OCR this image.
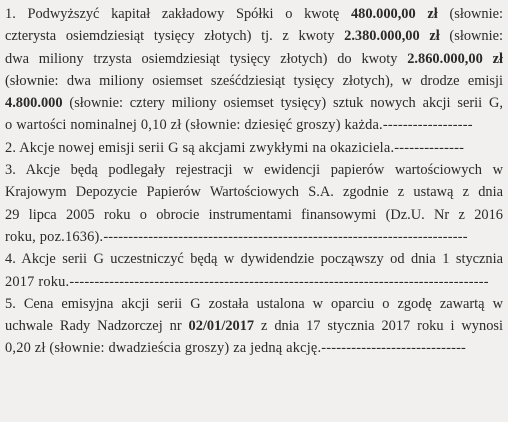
1. Podwyższyć kapitał zakładowy Spółki o kwotę 480.000,00 zł (słownie:
czterysta osiemdziesiąt tysięcy złotych) tj. z kwoty 2.380.000,00 zł (słownie:
dwa miliony trzysta osiemdziesiąt tysięcy złotych) do kwoty 2.860.000,00 zł
(słownie: dwa miliony osiemset sześćdziesiąt tysięcy złotych), w drodze emisji
4.800.000 (słownie: cztery miliony osiemset tysięcy) sztuk nowych akcji serii G,
o wartości nominalnej 0,10 zł (słownie: dziesięć groszy) każda.------------------
2. Akcje nowej emisji serii G są akcjami zwykłymi na okaziciela.--------------
3. Akcje będą podlegały rejestracji w ewidencji papierów wartościowych w
Krajowym Depozycie Papierów Wartościowych S.A. zgodnie z ustawą z dnia
29 lipca 2005 roku o obrocie instrumentami finansowymi (Dz.U. Nr z 2016
roku, poz.1636).-------------------------------------------------------------------------
4. Akcje serii G uczestniczyć będą w dywidendzie począwszy od dnia 1 stycznia
2017 roku.------------------------------------------------------------------------------------
5. Cena emisyjna akcji serii G została ustalona w oparciu o zgodę zawartą w
uchwale Rady Nadzorczej nr 02/01/2017 z dnia 17 stycznia 2017 roku i wynosi
0,20 zł (słownie: dwadzieścia groszy) za jedną akcję.-----------------------------
